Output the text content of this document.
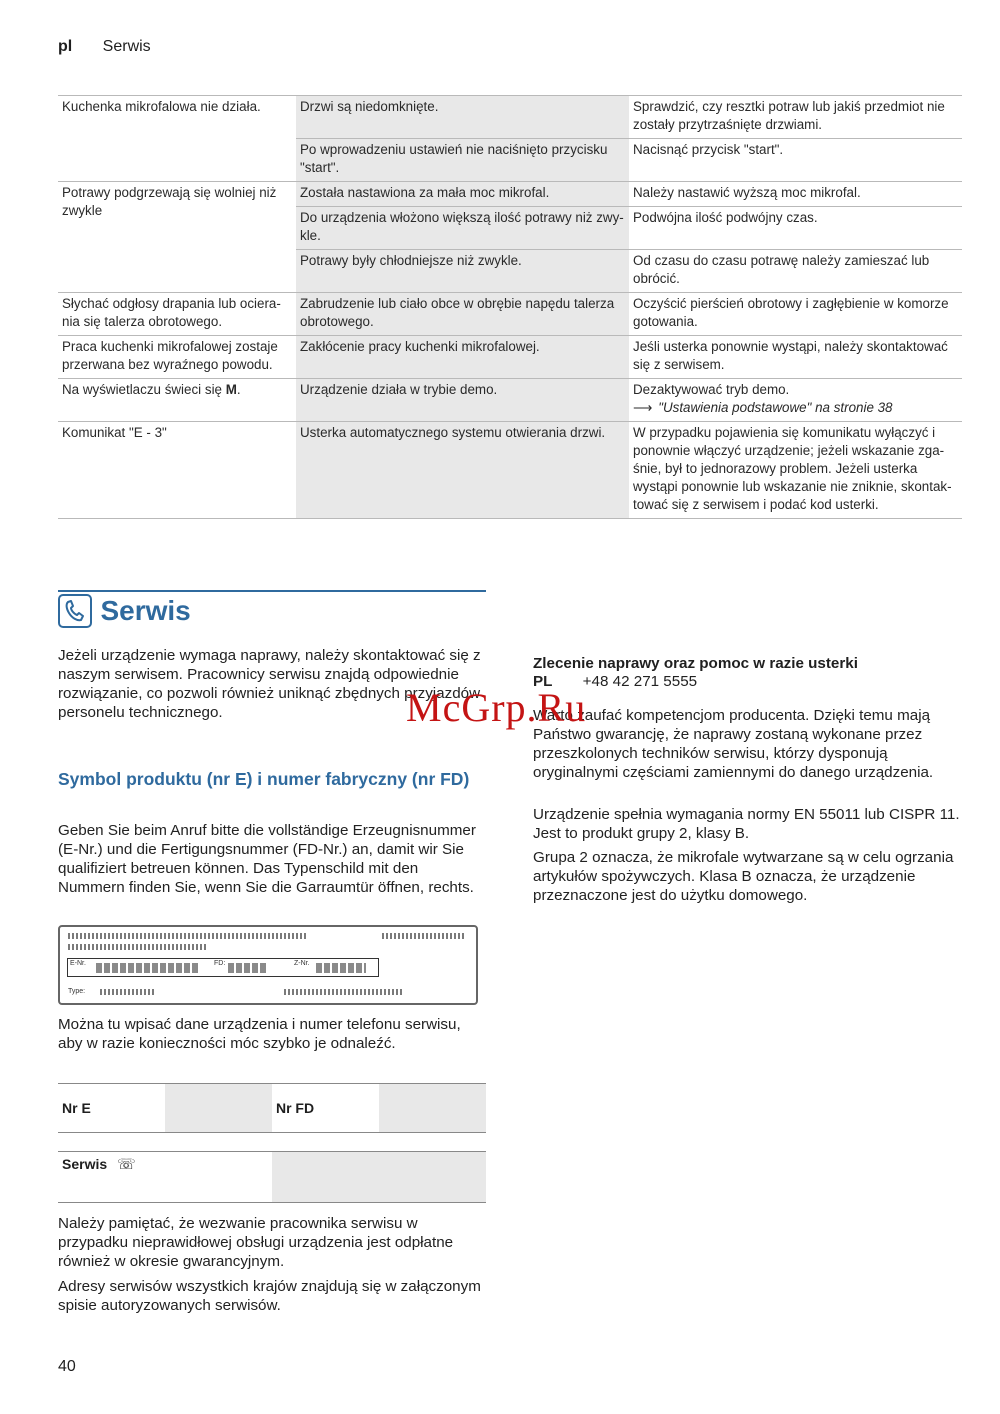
pl Serwis
Kuchenka mikrofalowa nie działa.	Drzwi są niedomknięte.	Sprawdzić, czy resztki potraw lub jakiś przedmiot nie zostały przytrzaśnięte drzwiami.
	Po wprowadzeniu ustawień nie naciśnięto przycisku "start".	Nacisnąć przycisk "start".
Potrawy podgrzewają się wolniej niż zwykle	Została nastawiona za mała moc mikrofal.	Należy nastawić wyższą moc mikrofal.
	Do urządzenia włożono większą ilość potrawy niż zwykle.	Podwójna ilość podwójny czas.
	Potrawy były chłodniejsze niż zwykle.	Od czasu do czasu potrawę należy zamieszać lub obrócić.
Słychać odgłosy drapania lub ocierania się talerza obrotowego.	Zabrudzenie lub ciało obce w obrębie napędu talerza obrotowego.	Oczyścić pierścień obrotowy i zagłębienie w komorze gotowania.
Praca kuchenki mikrofalowej zostaje przerwana bez wyraźnego powodu.	Zakłócenie pracy kuchenki mikrofalowej.	Jeśli usterka ponownie wystąpi, należy skontaktować się z serwisem.
Na wyświetlaczu świeci się M.	Urządzenie działa w trybie demo.	Dezaktywować tryb demo.
⟶ "Ustawienia podstawowe" na stronie 38

Komunikat "E - 3"	Usterka automatycznego systemu otwierania drzwi.	W przypadku pojawienia się komunikatu wyłączyć i ponownie włączyć urządzenie; jeżeli wskazanie zgaśnie, był to jednorazowy problem. Jeżeli usterka wystąpi ponownie lub wskazanie nie zniknie, skontaktować się z serwisem i podać kod usterki.
Serwis

Jeżeli urządzenie wymaga naprawy, należy skontaktować się z naszym serwisem. Pracownicy serwisu znajdą odpowiednie rozwiązanie, co pozwoli również uniknąć zbędnych przyjazdów personelu technicznego.

Symbol produktu (nr E) i numer fabryczny (nr FD)

Geben Sie beim Anruf bitte die vollständige Erzeugnisnummer (E-Nr.) und die Fertigungsnummer (FD-Nr.) an, damit wir Sie qualifiziert betreuen können. Das Typenschild mit den Nummern finden Sie, wenn Sie die Garraumtür öffnen, rechts.

E-Nr.	FD:	Z-Nr.
Type:

Można tu wpisać dane urządzenia i numer telefonu serwisu, aby w razie konieczności móc szybko je odnaleźć.

Nr E		Nr FD	
Serwis ☏	

Należy pamiętać, że wezwanie pracownika serwisu w przypadku nieprawidłowej obsługi urządzenia jest odpłatne również w okresie gwarancyjnym.

Adresy serwisów wszystkich krajów znajdują się w załączonym spisie autoryzowanych serwisów.

Zlecenie naprawy oraz pomoc w razie usterki

PL +48 42 271 5555

Warto zaufać kompetencjom producenta. Dzięki temu mają Państwo gwarancję, że naprawy zostaną wykonane przez przeszkolonych techników serwisu, którzy dysponują oryginalnymi częściami zamiennymi do danego urządzenia.

Urządzenie spełnia wymagania normy EN 55011 lub CISPR 11. Jest to produkt grupy 2, klasy B.

Grupa 2 oznacza, że mikrofale wytwarzane są w celu ogrzania artykułów spożywczych. Klasa B oznacza, że urządzenie przeznaczone jest do użytku domowego.

McGrp.Ru
40
